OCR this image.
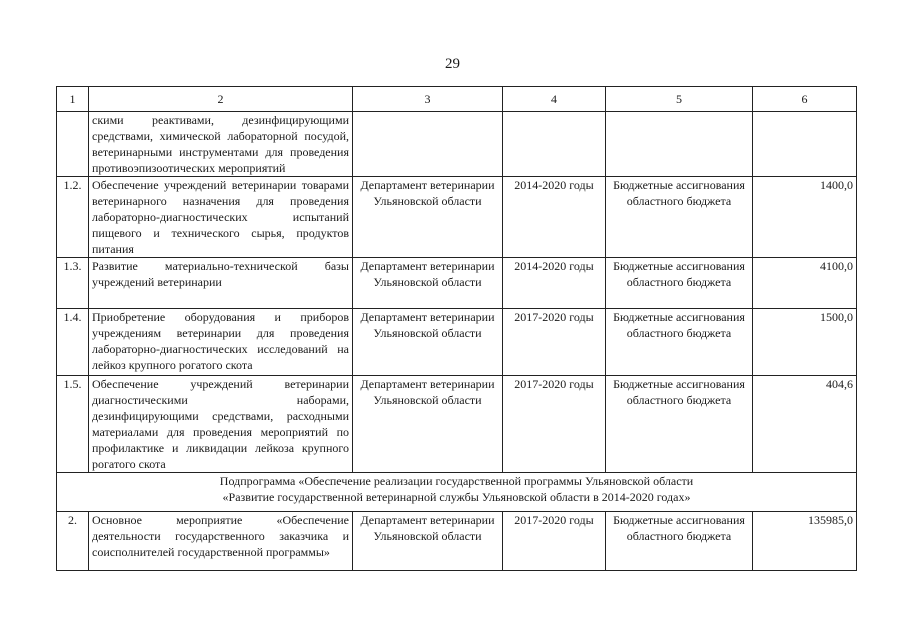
29
1	2	3	4	5	6
	скими реактивами, дезинфицирующими средствами, химической лабораторной посудой, ветеринарными инструментами для проведения противоэпизоотических мероприятий				
1.2.	Обеспечение учреждений ветеринарии товарами ветеринарного назначения для проведения лабораторно-диагностических испытаний пищевого и технического сырья, продуктов питания	Департамент ветеринарии Ульяновской области	2014-2020 годы	Бюджетные ассигнования областного бюджета	1400,0
1.3.	Развитие материально-технической базы учреждений ветеринарии	Департамент ветеринарии Ульяновской области	2014-2020 годы	Бюджетные ассигнования областного бюджета	4100,0
1.4.	Приобретение оборудования и приборов учреждениям ветеринарии для проведения лабораторно-диагностических исследований на лейкоз крупного рогатого скота	Департамент ветеринарии Ульяновской области	2017-2020 годы	Бюджетные ассигнования областного бюджета	1500,0
1.5.	Обеспечение учреждений ветеринарии диагностическими наборами, дезинфицирующими средствами, расходными материалами для проведения мероприятий по профилактике и ликвидации лейкоза крупного рогатого скота	Департамент ветеринарии Ульяновской области	2017-2020 годы	Бюджетные ассигнования областного бюджета	404,6

Подпрограмма «Обеспечение реализации государственной программы Ульяновской области
«Развитие государственной ветеринарной службы Ульяновской области в 2014-2020 годах»					

2.	Основное мероприятие «Обеспечение деятельности государственного заказчика и соисполнителей государственной программы»	Департамент ветеринарии Ульяновской области	2017-2020 годы	Бюджетные ассигнования областного бюджета	135985,0
